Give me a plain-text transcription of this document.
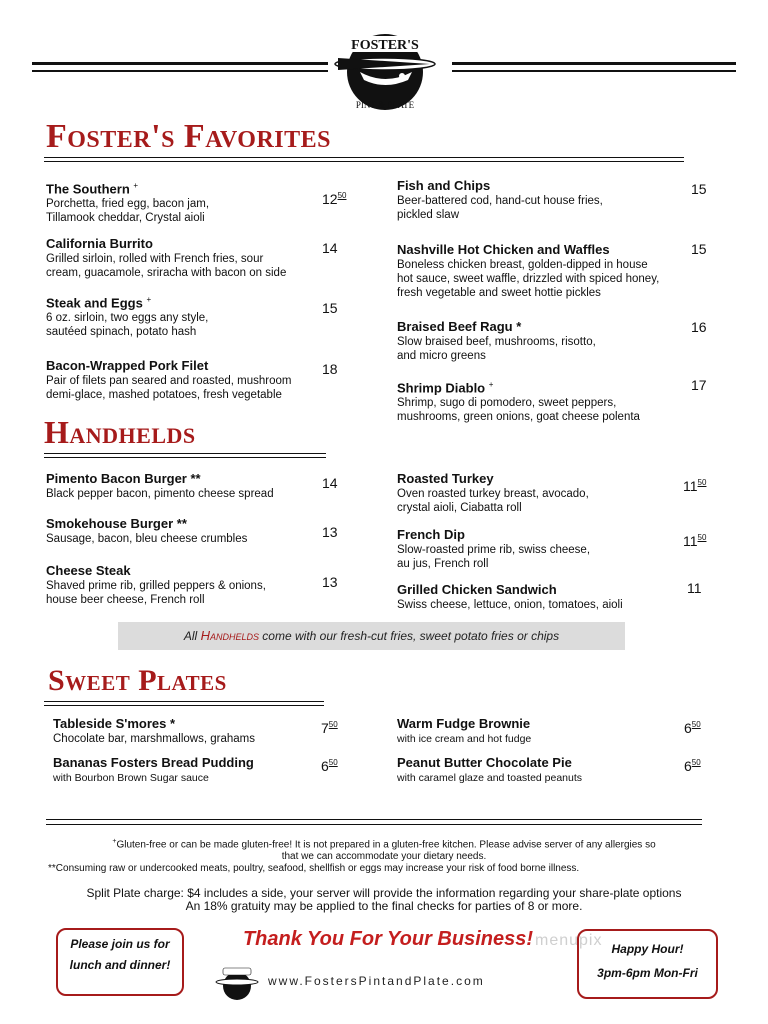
FOSTER'S
PINT & PLATE
Foster's Favorites
The Southern +
Porchetta, fried egg, bacon jam,
Tillamook cheddar, Crystal aioli
$12^{50}$
California Burrito
Grilled sirloin, rolled with French fries, sour
cream, guacamole, sriracha with bacon on side
14
Steak and Eggs +
6 oz. sirloin, two eggs any style,
sautéed spinach, potato hash
15
Bacon-Wrapped Pork Filet
Pair of filets pan seared and roasted, mushroom
demi-glace, mashed potatoes, fresh vegetable
18
Fish and Chips
Beer-battered cod, hand-cut house fries,
pickled slaw
15
Nashville Hot Chicken and Waffles
Boneless chicken breast, golden-dipped in house
hot sauce, sweet waffle, drizzled with spiced honey,
fresh vegetable and sweet hottie pickles
15
Braised Beef Ragu *
Slow braised beef, mushrooms, risotto,
and micro greens
16
Shrimp Diablo +
Shrimp, sugo di pomodero, sweet peppers,
mushrooms, green onions, goat cheese polenta
17
Handhelds
Pimento Bacon Burger **
Black pepper bacon, pimento cheese spread
14
Smokehouse Burger **
Sausage, bacon, bleu cheese crumbles	13
Cheese Steak
Shaved prime rib, grilled peppers & onions,
house beer cheese, French roll
13
Roasted Turkey
Oven roasted turkey breast, avocado,
crystal aioli, Ciabatta roll
$11^{50}$
French Dip
Slow-roasted prime rib, swiss cheese,
au jus, French roll
$11^{50}$
Grilled Chicken Sandwich
Swiss cheese, lettuce, onion, tomatoes, aioli
11
All Handhelds come with our fresh-cut fries, sweet potato fries or chips
Sweet Plates
Tableside S'mores *
Chocolate bar, marshmallows, grahams
$7^{50}$
Bananas Fosters Bread Pudding
with Bourbon Brown Sugar sauce
$6^{50}$
Warm Fudge Brownie
with ice cream and hot fudge
$6^{50}$
Peanut Butter Chocolate Pie
with caramel glaze and toasted peanuts
$6^{50}$
+Gluten-free or can be made gluten-free! It is not prepared in a gluten-free kitchen. Please advise server of any allergies so
that we can accommodate your dietary needs.
**Consuming raw or undercooked meats, poultry, seafood, shellfish or eggs may increase your risk of food borne illness.
Split Plate charge: $4 includes a side, your server will provide the information regarding your share-plate options
An 18% gratuity may be applied to the final checks for parties of 8 or more.
Please join us for
lunch and dinner!
Thank You For Your Business! menupix
www.FostersPintandPlate.com
Happy Hour!
3pm-6pm Mon-Fri
